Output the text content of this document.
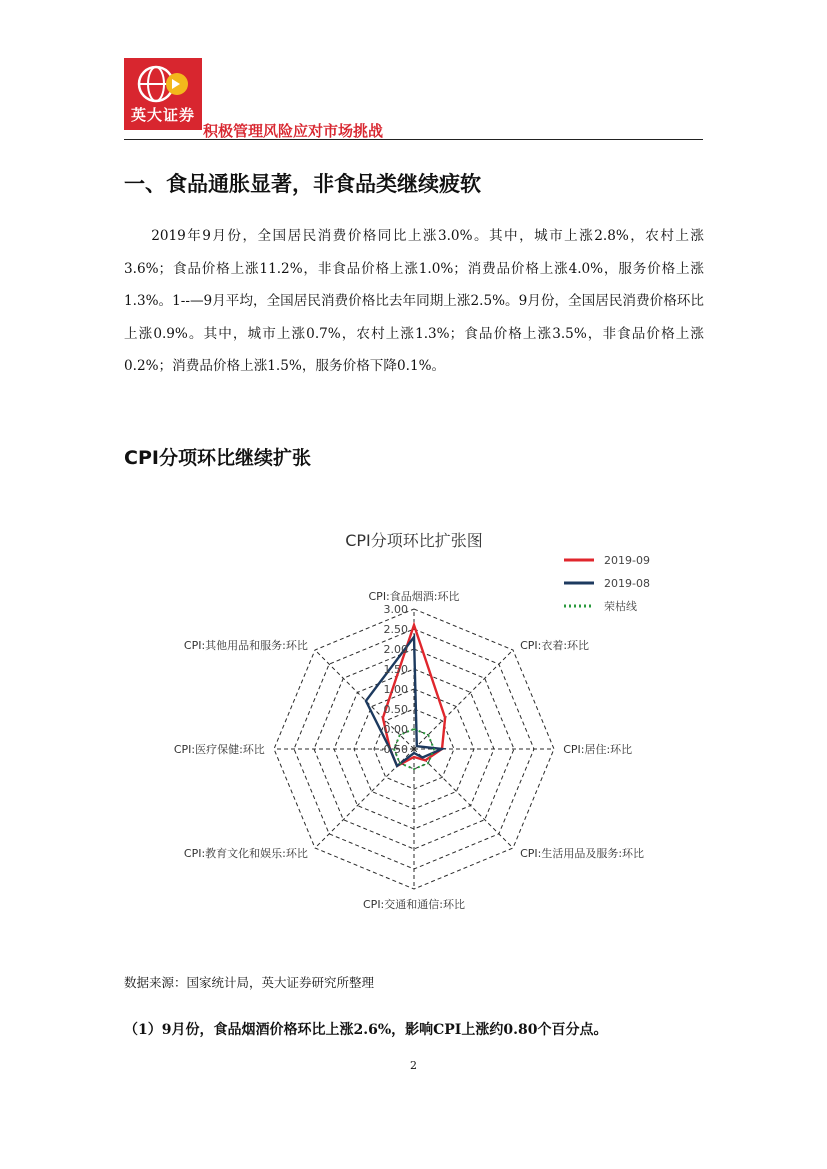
英大证券
积极管理风险应对市场挑战
一、食品通胀显著，非食品类继续疲软

2019年9月份，全国居民消费价格同比上涨3.0%。其中，城市上涨2.8%，农村上涨3.6%；食品价格上涨11.2%，非食品价格上涨1.0%；消费品价格上涨4.0%，服务价格上涨1.3%。1--—9月平均，全国居民消费价格比去年同期上涨2.5%。9月份，全国居民消费价格环比上涨0.9%。其中，城市上涨0.7%，农村上涨1.3%；食品价格上涨3.5%，非食品价格上涨0.2%；消费品价格上涨1.5%，服务价格下降0.1%。

CPI分项环比继续扩张
CPI分项环比扩张图
-0.50
0.00
0.50
1.00
1.50
2.00
2.50
3.00
CPI:食品烟酒:环比
CPI:衣着:环比
CPI:居住:环比
CPI:生活用品及服务:环比
CPI:交通和通信:环比
CPI:教育文化和娱乐:环比
CPI:医疗保健:环比
CPI:其他用品和服务:环比
2019-09
2019-08
荣枯线
数据来源：国家统计局，英大证券研究所整理
（1）9月份，食品烟酒价格环比上涨2.6%，影响CPI上涨约0.80个百分点。
2
